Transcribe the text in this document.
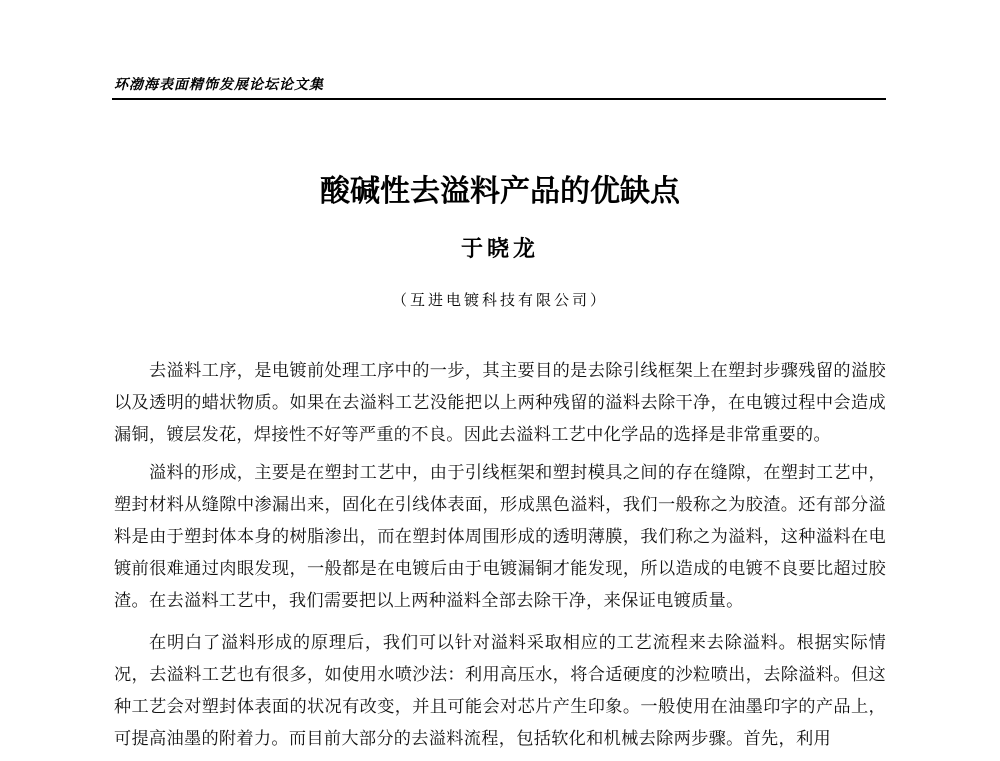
环渤海表面精饰发展论坛论文集
酸碱性去溢料产品的优缺点
于晓龙
（互进电镀科技有限公司）

去溢料工序，是电镀前处理工序中的一步，其主要目的是去除引线框架上在塑封步骤残留的溢胶以及透明的蜡状物质。如果在去溢料工艺没能把以上两种残留的溢料去除干净，在电镀过程中会造成漏铜，镀层发花，焊接性不好等严重的不良。因此去溢料工艺中化学品的选择是非常重要的。

溢料的形成，主要是在塑封工艺中，由于引线框架和塑封模具之间的存在缝隙，在塑封工艺中，塑封材料从缝隙中渗漏出来，固化在引线体表面，形成黑色溢料，我们一般称之为胶渣。还有部分溢料是由于塑封体本身的树脂渗出，而在塑封体周围形成的透明薄膜，我们称之为溢料，这种溢料在电镀前很难通过肉眼发现，一般都是在电镀后由于电镀漏铜才能发现，所以造成的电镀不良要比超过胶渣。在去溢料工艺中，我们需要把以上两种溢料全部去除干净，来保证电镀质量。

在明白了溢料形成的原理后，我们可以针对溢料采取相应的工艺流程来去除溢料。根据实际情况，去溢料工艺也有很多，如使用水喷沙法：利用高压水，将合适硬度的沙粒喷出，去除溢料。但这种工艺会对塑封体表面的状况有改变，并且可能会对芯片产生印象。一般使用在油墨印字的产品上，可提高油墨的附着力。而目前大部分的去溢料流程，包括软化和机械去除两步骤。首先，利用
